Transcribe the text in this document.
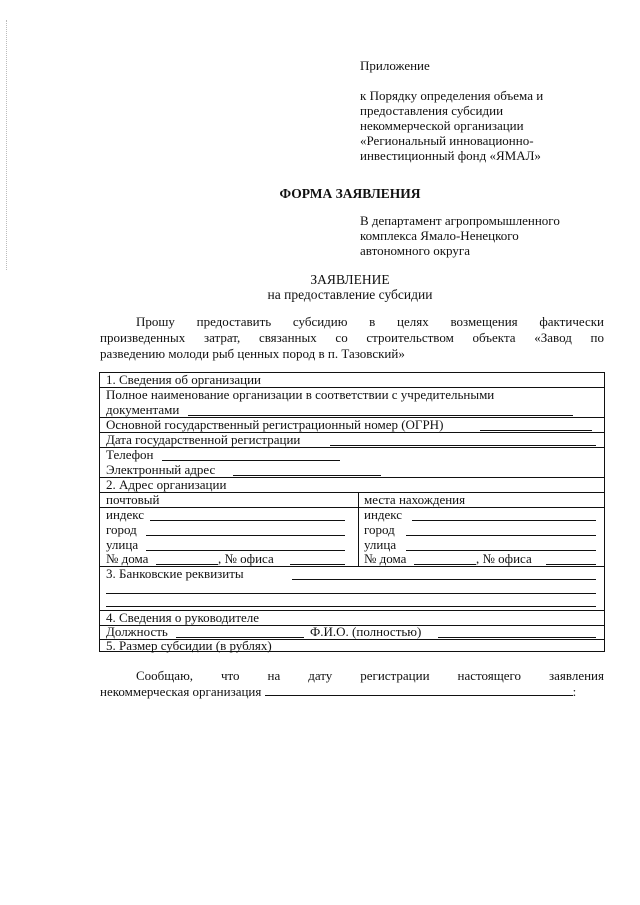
Приложение
к Порядку определения объема и
предоставления субсидии
некоммерческой организации
«Региональный инновационно-
инвестиционный фонд «ЯМАЛ»
ФОРМА ЗАЯВЛЕНИЯ
В департамент агропромышленного
комплекса Ямало-Ненецкого
автономного округа
ЗАЯВЛЕНИЕ
на предоставление субсидии
Прошу предоставить субсидию в целях возмещения фактически
произведенных затрат, связанных со строительством объекта «Завод по
разведению молоди рыб ценных пород в п. Тазовский»
1. Сведения об организации
Полное наименование организации в соответствии с учредительными
документами
Основной государственный регистрационный номер (ОГРН)
Дата государственной регистрации
Телефон
Электронный адрес
2. Адрес организации
почтовый	места нахождения
индекс	индекс
город	город
улица	улица
№ дома	, № офиса	№ дома	, № офиса
3. Банковские реквизиты
4. Сведения о руководителе
Должность	Ф.И.О. (полностью)
5. Размер субсидии (в рублях)
Сообщаю, что на дату регистрации настоящего заявления
некоммерческая организация	:
